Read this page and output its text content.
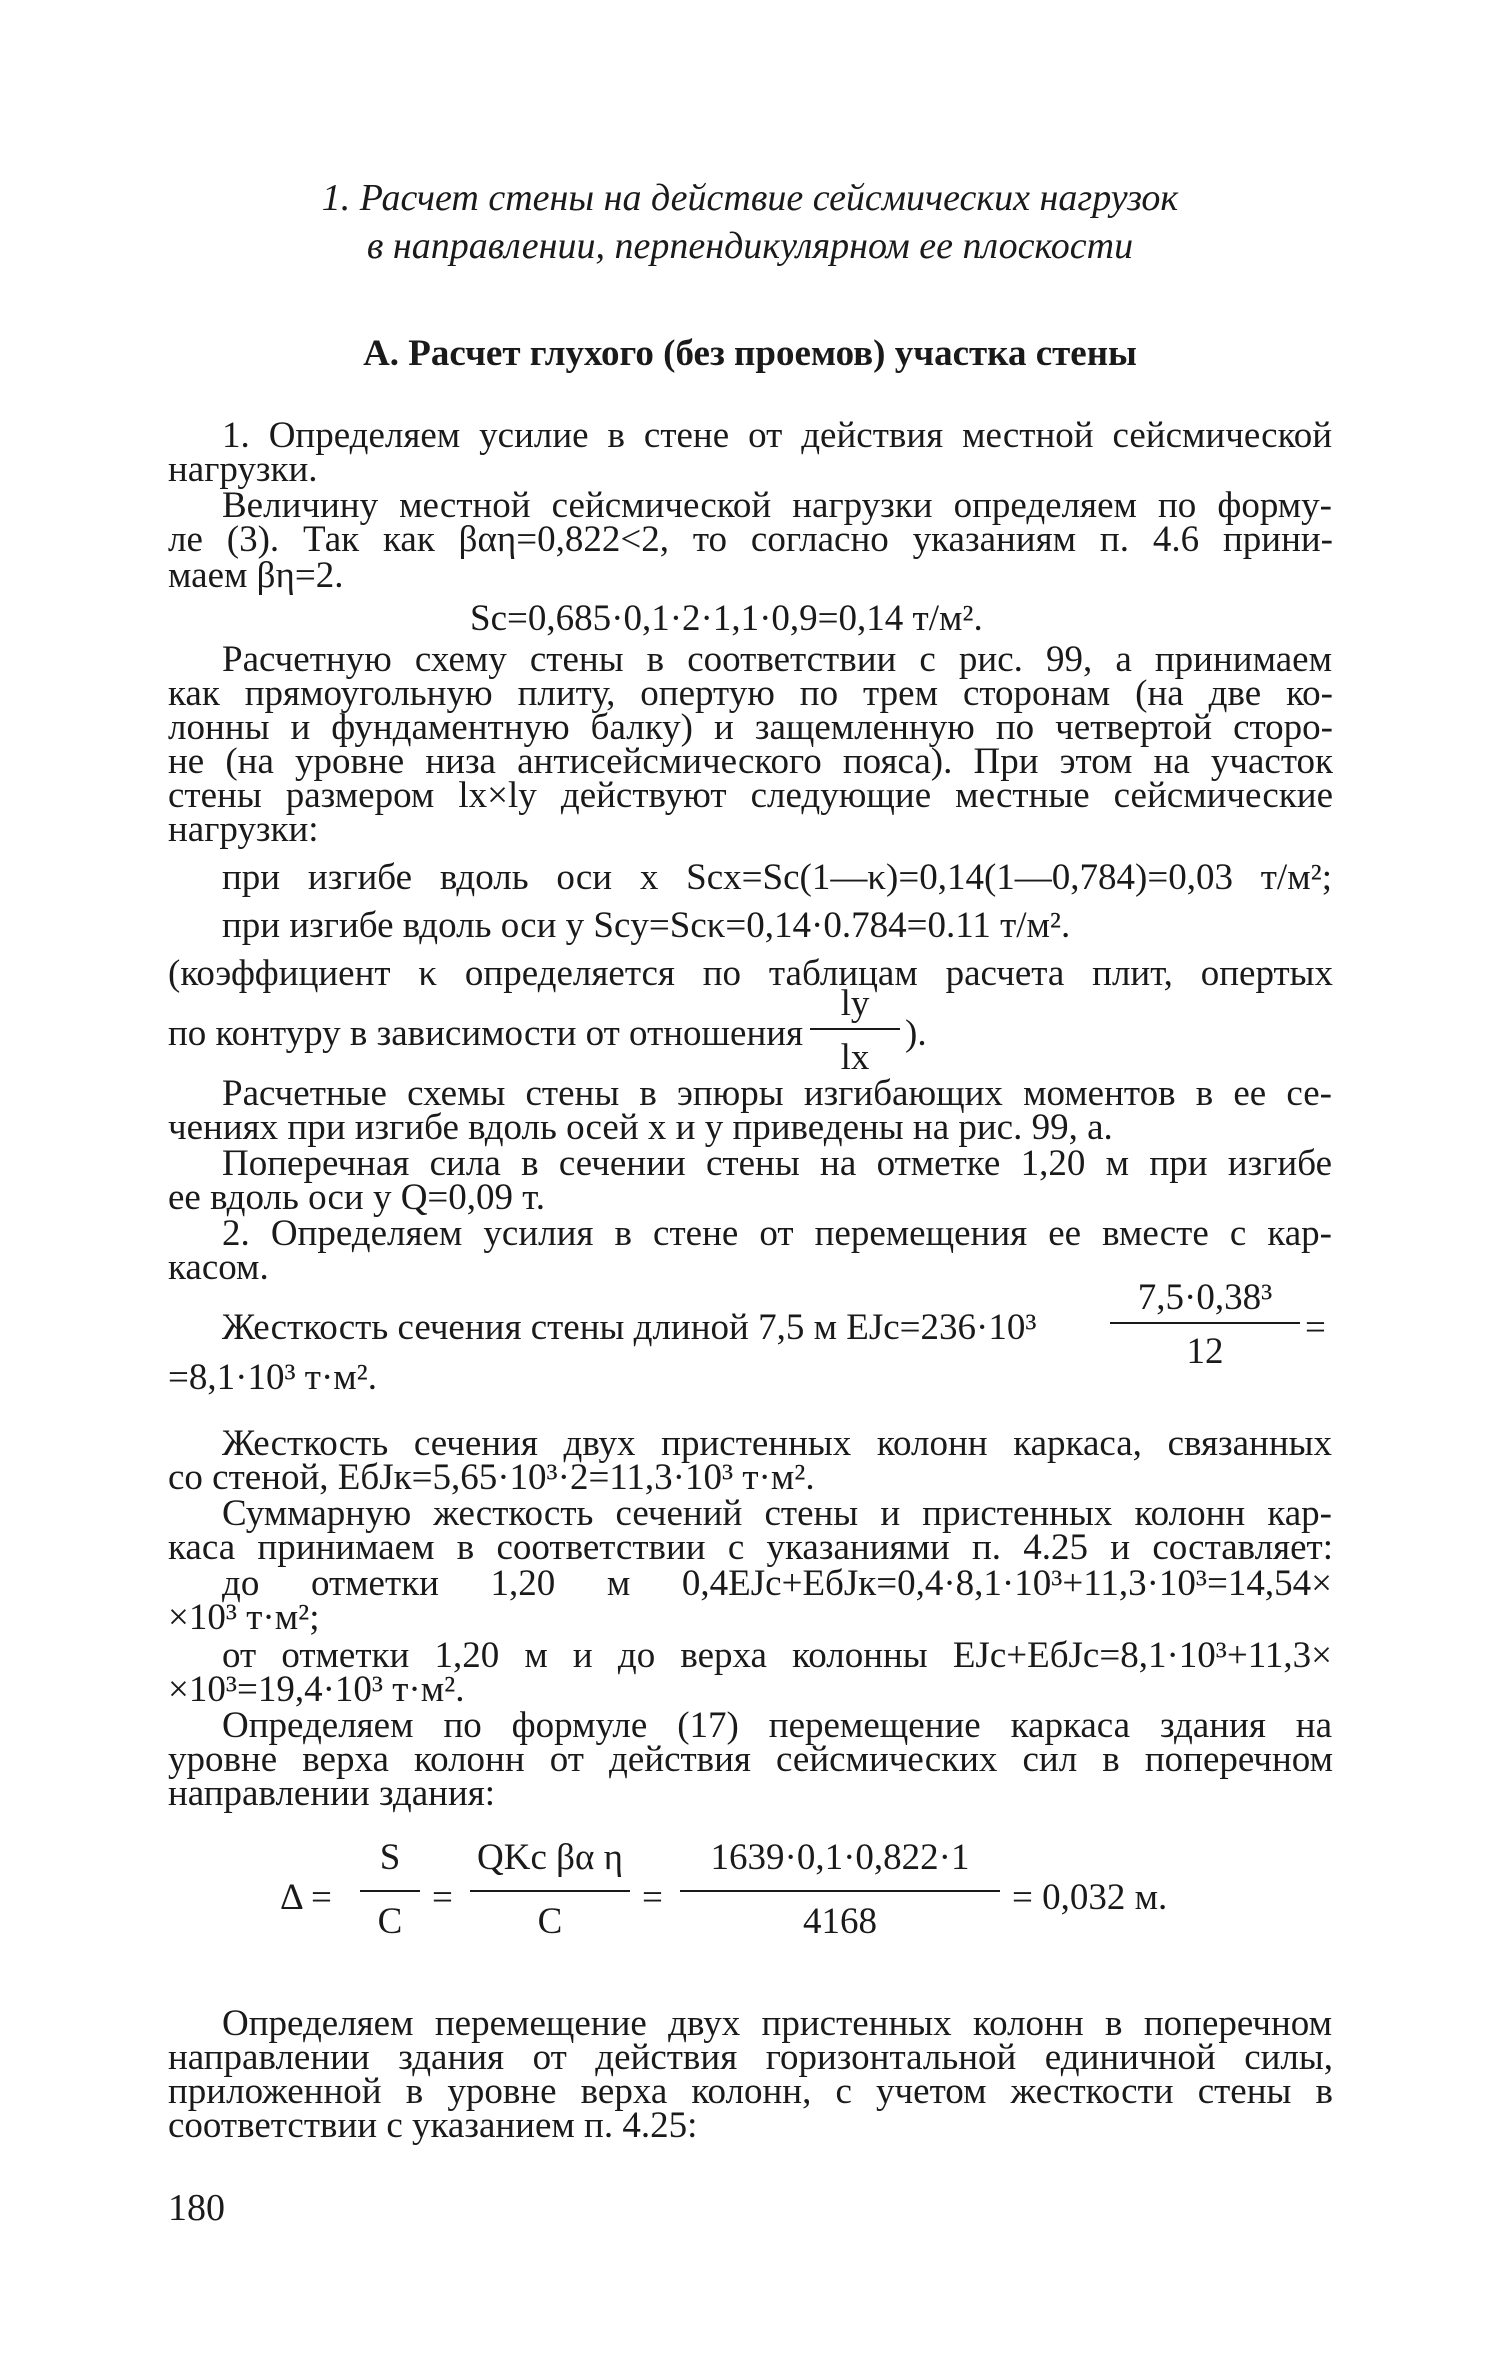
1. Расчет стены на действие сейсмических нагрузок
в направлении, перпендикулярном ее плоскости
А. Расчет глухого (без проемов) участка стены
1. Определяем усилие в стене от действия местной сейсмической
нагрузки.
Величину местной сейсмической нагрузки определяем по форму-
ле (3). Так как βαη=0,822<2, то согласно указаниям п. 4.6 прини-
маем βη=2.
Sс=0,685·0,1·2·1,1·0,9=0,14 т/м².
Расчетную схему стены в соответствии с рис. 99, а принимаем
как прямоугольную плиту, опертую по трем сторонам (на две ко-
лонны и фундаментную балку) и защемленную по четвертой сторо-
не (на уровне низа антисейсмического пояса). При этом на участок
стены размером lx×ly действуют следующие местные сейсмические
нагрузки:
при изгибе вдоль оси x Sсx=Sс(1—κ)=0,14(1—0,784)=0,03 т/м²;
при изгибе вдоль оси y Sсy=Sсκ=0,14·0.784=0.11 т/м².
(коэффициент κ определяется по таблицам расчета плит, опертых
по контуру в зависимости от отношения
ly
lx
).
Расчетные схемы стены в эпюры изгибающих моментов в ее се-
чениях при изгибе вдоль осей x и y приведены на рис. 99, а.
Поперечная сила в сечении стены на отметке 1,20 м при изгибе
ее вдоль оси y Q=0,09 т.
2. Определяем усилия в стене от перемещения ее вместе с кар-
касом.
Жесткость сечения стены длиной 7,5 м EJc=236·10³
7,5·0,38³
12
=
=8,1·10³ т·м².
Жесткость сечения двух пристенных колонн каркаса, связанных
со стеной, EбJк=5,65·10³·2=11,3·10³ т·м².
Суммарную жесткость сечений стены и пристенных колонн кар-
каса принимаем в соответствии с указаниями п. 4.25 и составляет:
до отметки 1,20 м 0,4EJc+EбJк=0,4·8,1·10³+11,3·10³=14,54×
×10³ т·м²;
от отметки 1,20 м и до верха колонны EJc+EбJc=8,1·10³+11,3×
×10³=19,4·10³ т·м².
Определяем по формуле (17) перемещение каркаса здания на
уровне верха колонн от действия сейсмических сил в поперечном
направлении здания:
Δ =
S
C
=
QKc βα η
C
=
1639·0,1·0,822·1
4168
= 0,032 м.
Определяем перемещение двух пристенных колонн в поперечном
направлении здания от действия горизонтальной единичной силы,
приложенной в уровне верха колонн, с учетом жесткости стены в
соответствии с указанием п. 4.25:
180
